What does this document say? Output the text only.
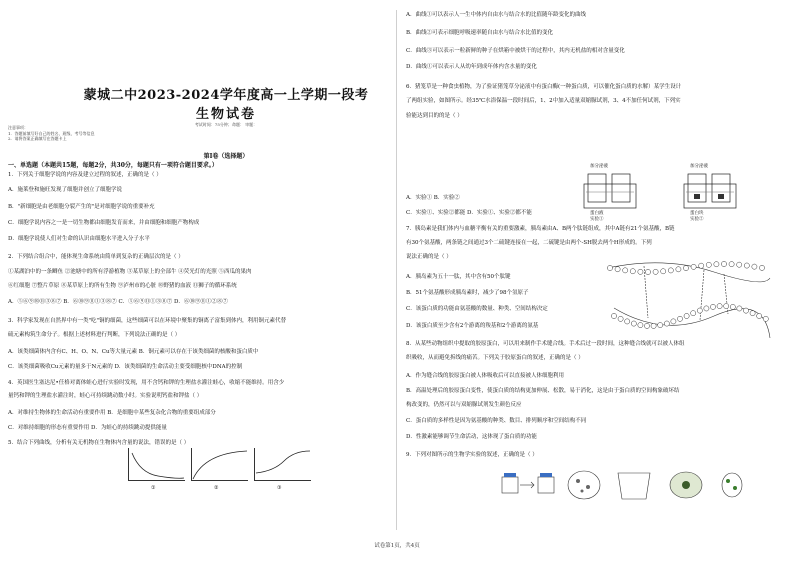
蒙城二中2023-2024学年度高一上学期一段考
生物试卷
考试时间：75分钟；命题： 审题：
注意事项：
1．答题前填写好自己的姓名、班级、考号等信息
2．请将答案正确填写在答题卡上
第I卷（选择题）
一、单选题（本题共15题，每题2分，共30分，每题只有一项符合题目要求。）
1．下列关于细胞学说的内容及建立过程的叙述，正确的是（ ）
A．施莱登和施旺发现了细胞并创立了细胞学说
B．"新细胞是由老细胞分裂产生的"是对细胞学说的重要补充
C．细胞学说内容之一是一切生物都由细胞发育而来，并由细胞和细胞产物构成
D．细胞学说使人们对生命的认识由细胞水平进入分子水平
2．下列结合组合中，能体现生命系统由简单到复杂的正确层次的是（ ）
①某湖泊中的一条鲫鱼 ②池塘中的所有浮游植物 ③某草原上的全部牛 ④荧光灯的光照 ⑤西瓜的果肉
⑥红细胞 ⑦整片草原 ⑧某草原上的所有生物 ⑨泸州市的心脏 ⑩野猪的血液 ⑪狮子的循环系统
A．⑤⑥⑨⑩⑪③⑧⑦ B．⑥⑩⑨⑪①③⑧⑦ C．⑤⑥⑨⑪①③⑧⑦ D．⑥⑩⑨⑪①②⑧⑦
3．科学家发现在自然界中有一类"吃"铜的细菌，这些细菌可以在环境中聚集的铜离子富集到体内，利用铜元素代替
硫元素构筑生命分子。根据上述材料进行判断，下列说法正确的是（ ）
A．该类细菌体内含有C、H、O、N、Cu等大量元素 B．铜元素可以存在于该类细菌的核酸和蛋白质中
C．该类细菌吸收Cu元素的量多于N元素的 D．该类细菌的生命活动主要受细胞核中DNA的控制
4．英国医生塞达尼•任格对离体蛙心进行实验时发现，用不含钙和钾的生理盐水灌注蛙心，收缩不能维持。用含少
量钙和钾的生理盐水灌注时，蛙心可持续跳动数小时。实验说明钙盐和钾盐（ ）
A．对维持生物体的生命活动有重要作用 B．是细胞中某些复杂化合物的重要组成部分
C．对维持细胞的形态有重要作用 D．为蛙心的持续跳动提供能量
5．结合下列曲线，分析有关无机物在生物体内含量的说法，错误的是（ ）
①	②	③
A．曲线①可以表示人一生中体内自由水与结合水的比值随年龄变化的曲线
B．曲线②可表示细胞呼吸速率随自由水与结合水比值的变化
C．曲线③可以表示一粒新鲜的种子在烘箱中被烘干的过程中，其内无机盐的相对含量变化
D．曲线①可以表示人从幼年到成年体内含水量的变化
6．猪笼草是一种食虫植物，为了验证猪笼草分泌液中有蛋白酶(一种蛋白质，可以催化蛋白质的水解）某学生设计
了两组实验，如图所示。经35℃水浴保温一段时间后，1、2中加入适量双缩脲试剂，3、4不加任何试剂，下列实
验能达到目的的是（ ）
A．实验① B．实验②
C．实验①、实验②都能 D．实验①、实验②都不能
7．胰岛素是我们体内与血糖平衡有关的重要激素，胰岛素由A、B两个肽链组成，其中A链有21个氨基酸，B链
有30个氨基酸，两条链之间通过3个二硫键连接在一起，二硫键是由两个-SH脱去两个H形成的。下列
说法正确的是（ ）
A．胰岛素为五十一肽，其中含有50个肽键
B．51个氨基酸形成胰岛素时，减少了98个氢原子
C．该蛋白质的功能由氨基酸的数量、种类、空间结构决定
D．该蛋白质至少含有2个游离的羧基和2个游离的氨基
8．从某些动物组织中提取的胶原蛋白，可以用来制作手术缝合线。手术后过一段时间，这种缝合线就可以被人体组
织吸收，从而避免拆线的痛苦。下列关于胶原蛋白的叙述，正确的是（ ）
A．作为缝合线的胶原蛋白被人体吸收后可以直接被人体细胞利用
B．高温处理后的胶原蛋白变性，使蛋白质的结构更加伸展、松散，易于消化，这是由于蛋白质的空间构象破坏结
构改变的，仍然可以与双缩脲试剂发生颜色反应
C．蛋白质的多样性是因为氨基酸的种类、数目、排列顺序和空间结构不同
D．性激素能够调节生命活动，这体现了蛋白质的功能
9．下列对图所示的生物学实验的叙述，正确的是（ ）
加分泌液	加分泌液
蛋白液
实验①
蛋白块
实验②
试卷第1页，共4页
